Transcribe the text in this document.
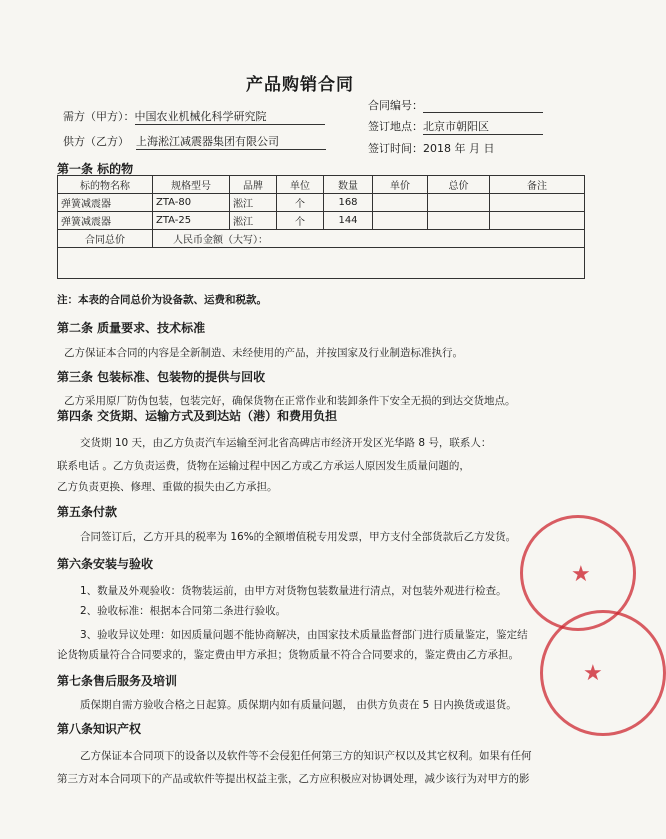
产品购销合同
需方（甲方）：中国农业机械化科学研究院
供方（乙方） 上海淞江减震器集团有限公司
合同编号：
签订地点：北京市朝阳区
签订时间：2018 年 月 日
第一条 标的物
标的物名称	规格型号	品牌	单位	数量	单价	总价	备注
弹簧减震器	ZTA-80	淞江	个	168			
弹簧减震器	ZTA-25	淞江	个	144			
合同总价	人民币金额（大写）：						

注：本表的合同总价为设备款、运费和税款。
第二条 质量要求、技术标准
乙方保证本合同的内容是全新制造、未经使用的产品，并按国家及行业制造标准执行。
第三条 包装标准、包装物的提供与回收
乙方采用原厂防伪包装，包装完好，确保货物在正常作业和装卸条件下安全无损的到达交货地点。
第四条 交货期、运输方式及到达站（港）和费用负担
交货期 10 天，由乙方负责汽车运输至河北省高碑店市经济开发区光华路 8 号，联系人：
联系电话 。乙方负责运费，货物在运输过程中因乙方或乙方承运人原因发生质量问题的，
乙方负责更换、修理、重做的损失由乙方承担。
第五条付款
合同签订后，乙方开具的税率为 16%的全额增值税专用发票，甲方支付全部货款后乙方发货。
第六条安装与验收
1、数量及外观验收：货物装运前，由甲方对货物包装数量进行清点，对包装外观进行检查。
2、验收标准：根据本合同第二条进行验收。
3、验收异议处理：如因质量问题不能协商解决，由国家技术质量监督部门进行质量鉴定，鉴定结
论货物质量符合合同要求的，鉴定费由甲方承担；货物质量不符合合同要求的，鉴定费由乙方承担。
第七条售后服务及培训
质保期自需方验收合格之日起算。质保期内如有质量问题， 由供方负责在 5 日内换货或退货。
第八条知识产权
乙方保证本合同项下的设备以及软件等不会侵犯任何第三方的知识产权以及其它权利。如果有任何
第三方对本合同项下的产品或软件等提出权益主张，乙方应积极应对协调处理，减少该行为对甲方的影
★
★
